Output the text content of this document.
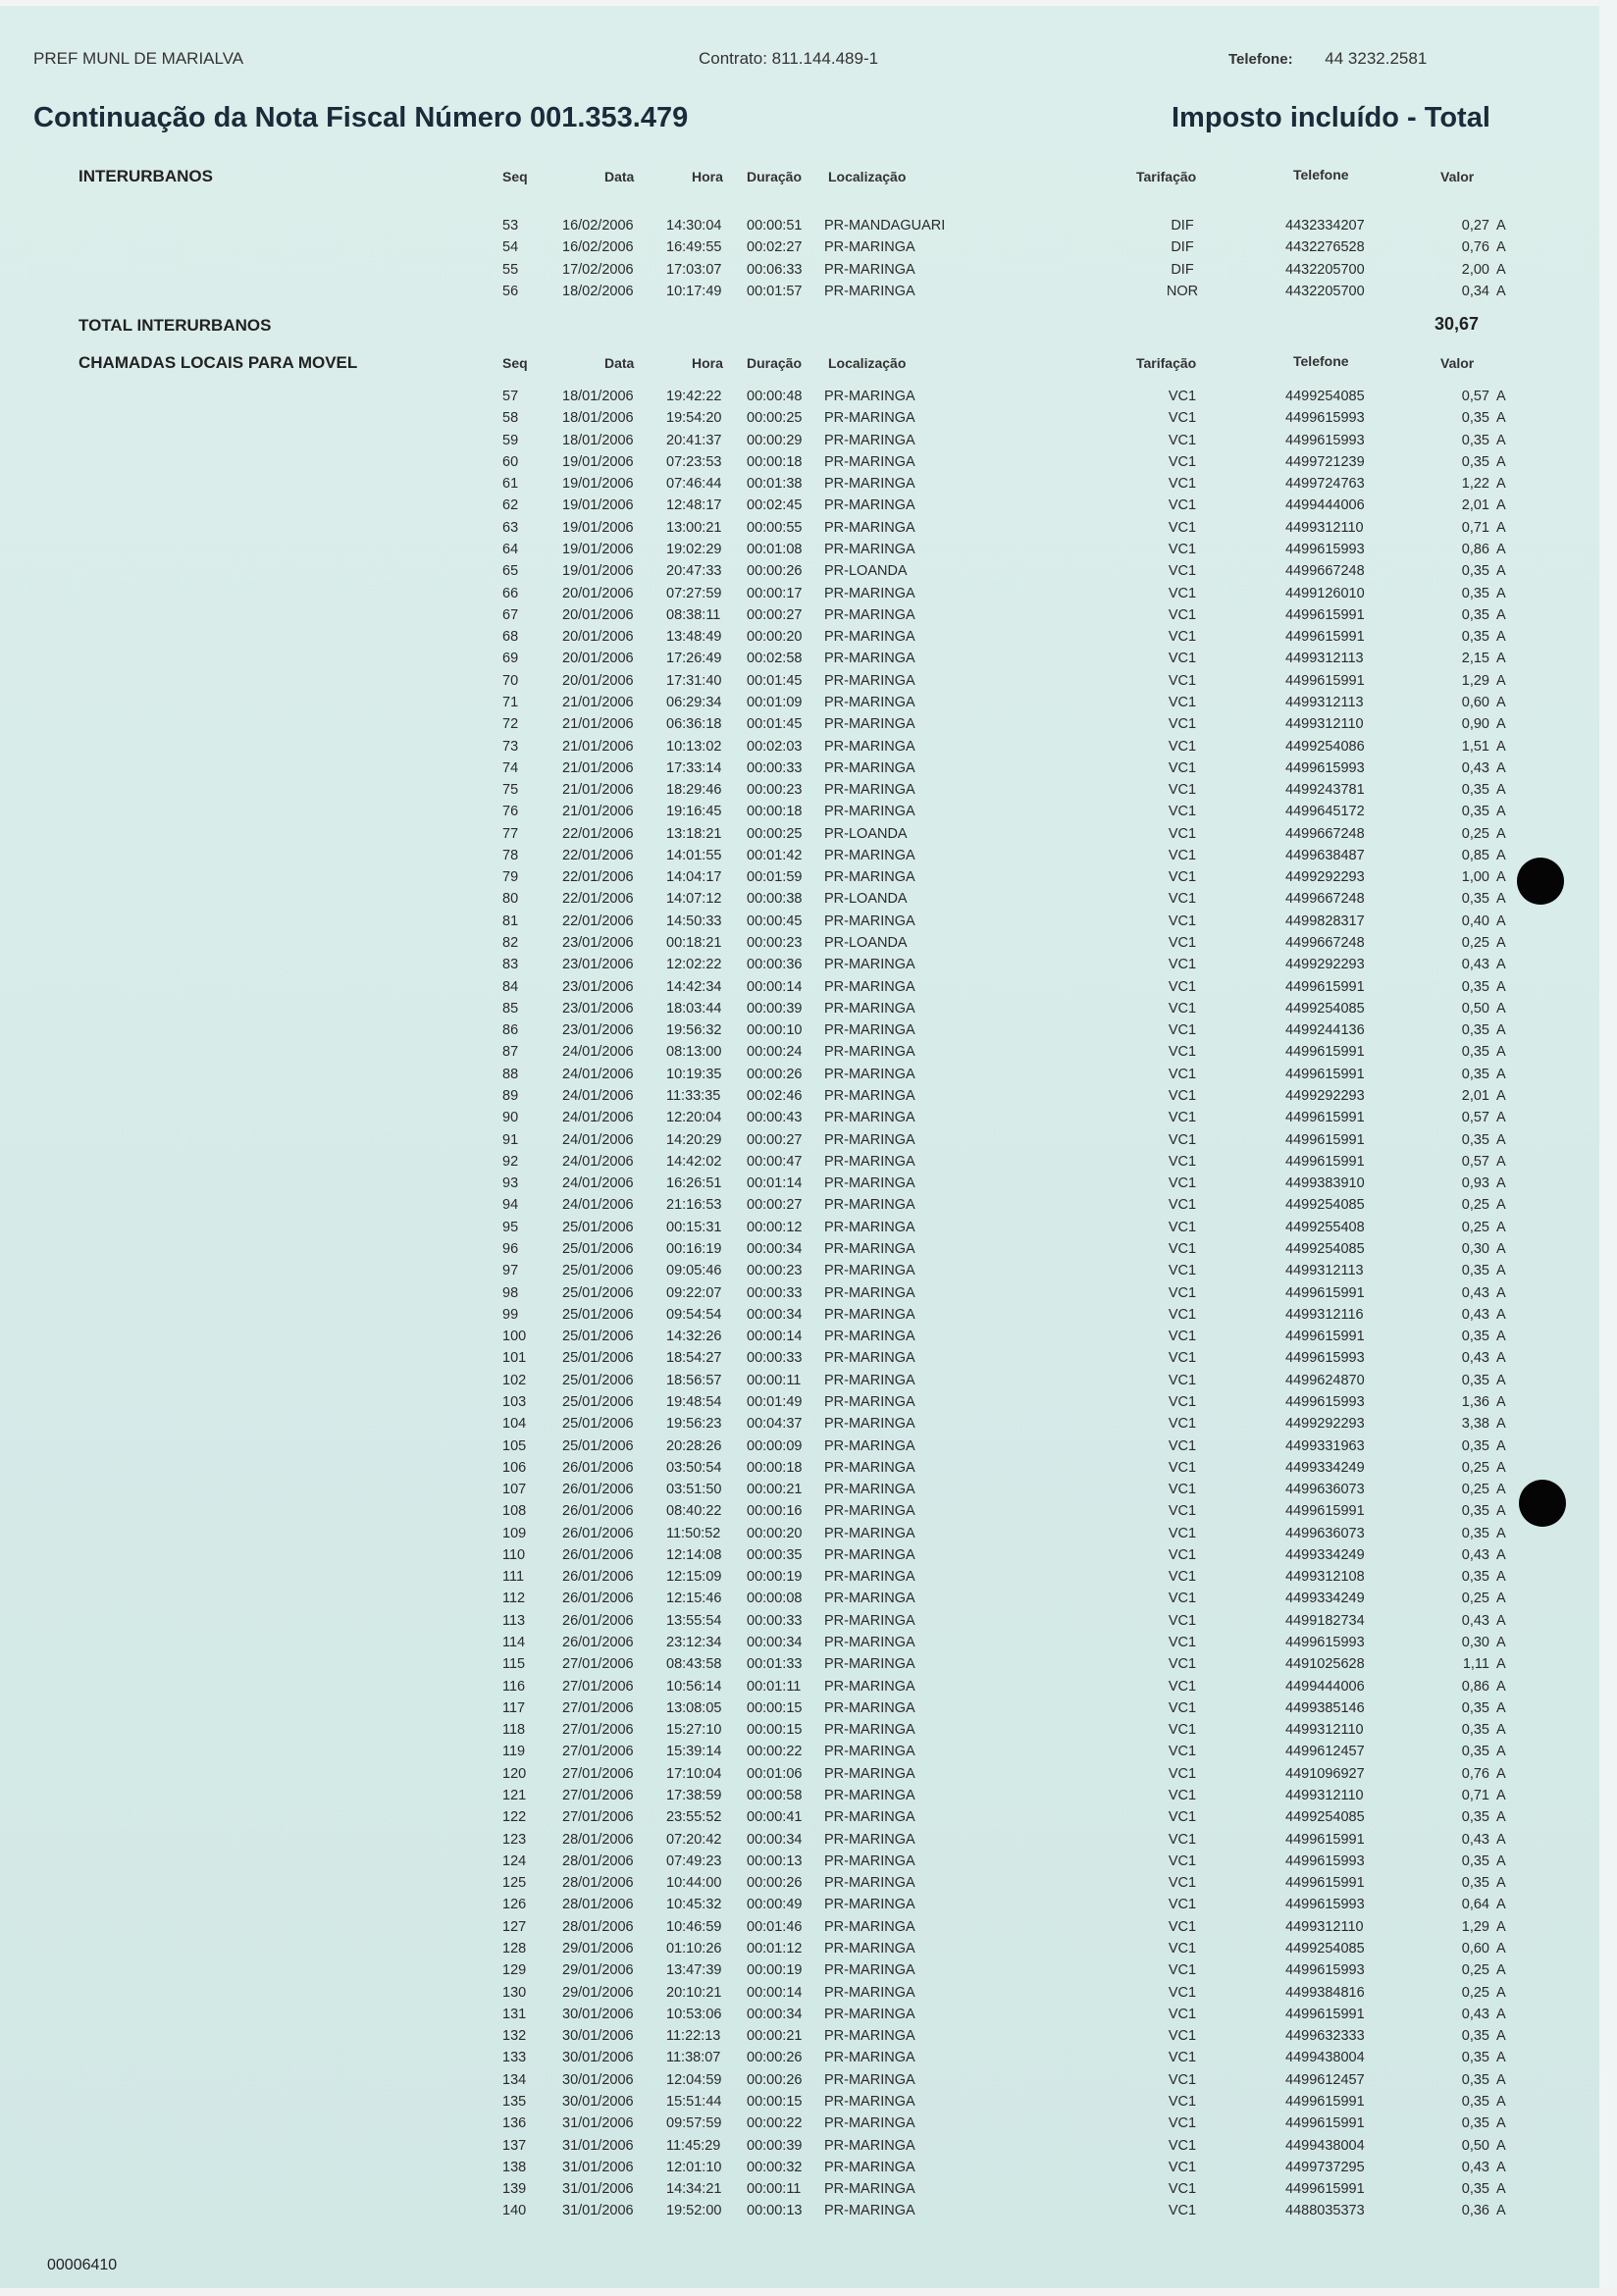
PREF MUNL DE MARIALVA	Contrato: 811.144.489-1	Telefone: 44 3232.2581
Continuação da Nota Fiscal Número 001.353.479	Imposto incluído - Total
INTERURBANOS	Seq	Data	Hora Duração Localização	Tarifação	Telefone	Valor
53	16/02/2006 14:30:04 00:00:51 PR-MANDAGUARI	DIF	4432334207	0,27 A
54	16/02/2006 16:49:55 00:02:27 PR-MARINGA	DIF	4432276528	0,76 A
55	17/02/2006 17:03:07 00:06:33 PR-MARINGA	DIF	4432205700	2,00 A
56	18/02/2006 10:17:49 00:01:57 PR-MARINGA	NOR	4432205700	0,34 A
TOTAL INTERURBANOS	30,67
CHAMADAS LOCAIS PARA MOVEL	Seq	Data	Hora Duração Localização	Tarifação	Telefone	Valor
57	18/01/2006 19:42:22 00:00:48 PR-MARINGA	VC1	4499254085	0,57 A
58	18/01/2006 19:54:20 00:00:25 PR-MARINGA	VC1	4499615993	0,35 A
59	18/01/2006 20:41:37 00:00:29 PR-MARINGA	VC1	4499615993	0,35 A
60	19/01/2006 07:23:53 00:00:18 PR-MARINGA	VC1	4499721239	0,35 A
61	19/01/2006 07:46:44 00:01:38 PR-MARINGA	VC1	4499724763	1,22 A
62	19/01/2006 12:48:17 00:02:45 PR-MARINGA	VC1	4499444006	2,01 A
63	19/01/2006 13:00:21 00:00:55 PR-MARINGA	VC1	4499312110	0,71 A
64	19/01/2006 19:02:29 00:01:08 PR-MARINGA	VC1	4499615993	0,86 A
65	19/01/2006 20:47:33 00:00:26 PR-LOANDA	VC1	4499667248	0,35 A
66	20/01/2006 07:27:59 00:00:17 PR-MARINGA	VC1	4499126010	0,35 A
67	20/01/2006 08:38:11 00:00:27 PR-MARINGA	VC1	4499615991	0,35 A
68	20/01/2006 13:48:49 00:00:20 PR-MARINGA	VC1	4499615991	0,35 A
69	20/01/2006 17:26:49 00:02:58 PR-MARINGA	VC1	4499312113	2,15 A
70	20/01/2006 17:31:40 00:01:45 PR-MARINGA	VC1	4499615991	1,29 A
71	21/01/2006 06:29:34 00:01:09 PR-MARINGA	VC1	4499312113	0,60 A
72	21/01/2006 06:36:18 00:01:45 PR-MARINGA	VC1	4499312110	0,90 A
73	21/01/2006 10:13:02 00:02:03 PR-MARINGA	VC1	4499254086	1,51 A
74	21/01/2006 17:33:14 00:00:33 PR-MARINGA	VC1	4499615993	0,43 A
75	21/01/2006 18:29:46 00:00:23 PR-MARINGA	VC1	4499243781	0,35 A
76	21/01/2006 19:16:45 00:00:18 PR-MARINGA	VC1	4499645172	0,35 A
77	22/01/2006 13:18:21 00:00:25 PR-LOANDA	VC1	4499667248	0,25 A
78	22/01/2006 14:01:55 00:01:42 PR-MARINGA	VC1	4499638487	0,85 A
79	22/01/2006 14:04:17 00:01:59 PR-MARINGA	VC1	4499292293	1,00 A
80	22/01/2006 14:07:12 00:00:38 PR-LOANDA	VC1	4499667248	0,35 A
81	22/01/2006 14:50:33 00:00:45 PR-MARINGA	VC1	4499828317	0,40 A
82	23/01/2006 00:18:21 00:00:23 PR-LOANDA	VC1	4499667248	0,25 A
83	23/01/2006 12:02:22 00:00:36 PR-MARINGA	VC1	4499292293	0,43 A
84	23/01/2006 14:42:34 00:00:14 PR-MARINGA	VC1	4499615991	0,35 A
85	23/01/2006 18:03:44 00:00:39 PR-MARINGA	VC1	4499254085	0,50 A
86	23/01/2006 19:56:32 00:00:10 PR-MARINGA	VC1	4499244136	0,35 A
87	24/01/2006 08:13:00 00:00:24 PR-MARINGA	VC1	4499615991	0,35 A
88	24/01/2006 10:19:35 00:00:26 PR-MARINGA	VC1	4499615991	0,35 A
89	24/01/2006 11:33:35 00:02:46 PR-MARINGA	VC1	4499292293	2,01 A
90	24/01/2006 12:20:04 00:00:43 PR-MARINGA	VC1	4499615991	0,57 A
91	24/01/2006 14:20:29 00:00:27 PR-MARINGA	VC1	4499615991	0,35 A
92	24/01/2006 14:42:02 00:00:47 PR-MARINGA	VC1	4499615991	0,57 A
93	24/01/2006 16:26:51 00:01:14 PR-MARINGA	VC1	4499383910	0,93 A
94	24/01/2006 21:16:53 00:00:27 PR-MARINGA	VC1	4499254085	0,25 A
95	25/01/2006 00:15:31 00:00:12 PR-MARINGA	VC1	4499255408	0,25 A
96	25/01/2006 00:16:19 00:00:34 PR-MARINGA	VC1	4499254085	0,30 A
97	25/01/2006 09:05:46 00:00:23 PR-MARINGA	VC1	4499312113	0,35 A
98	25/01/2006 09:22:07 00:00:33 PR-MARINGA	VC1	4499615991	0,43 A
99	25/01/2006 09:54:54 00:00:34 PR-MARINGA	VC1	4499312116	0,43 A
100	25/01/2006 14:32:26 00:00:14 PR-MARINGA	VC1	4499615991	0,35 A
101	25/01/2006 18:54:27 00:00:33 PR-MARINGA	VC1	4499615993	0,43 A
102	25/01/2006 18:56:57 00:00:11 PR-MARINGA	VC1	4499624870	0,35 A
103	25/01/2006 19:48:54 00:01:49 PR-MARINGA	VC1	4499615993	1,36 A
104	25/01/2006 19:56:23 00:04:37 PR-MARINGA	VC1	4499292293	3,38 A
105	25/01/2006 20:28:26 00:00:09 PR-MARINGA	VC1	4499331963	0,35 A
106	26/01/2006 03:50:54 00:00:18 PR-MARINGA	VC1	4499334249	0,25 A
107	26/01/2006 03:51:50 00:00:21 PR-MARINGA	VC1	4499636073	0,25 A
108	26/01/2006 08:40:22 00:00:16 PR-MARINGA	VC1	4499615991	0,35 A
109	26/01/2006 11:50:52 00:00:20 PR-MARINGA	VC1	4499636073	0,35 A
110	26/01/2006 12:14:08 00:00:35 PR-MARINGA	VC1	4499334249	0,43 A
111	26/01/2006 12:15:09 00:00:19 PR-MARINGA	VC1	4499312108	0,35 A
112	26/01/2006 12:15:46 00:00:08 PR-MARINGA	VC1	4499334249	0,25 A
113	26/01/2006 13:55:54 00:00:33 PR-MARINGA	VC1	4499182734	0,43 A
114	26/01/2006 23:12:34 00:00:34 PR-MARINGA	VC1	4499615993	0,30 A
115	27/01/2006 08:43:58 00:01:33 PR-MARINGA	VC1	4491025628	1,11 A
116	27/01/2006 10:56:14 00:01:11 PR-MARINGA	VC1	4499444006	0,86 A
117	27/01/2006 13:08:05 00:00:15 PR-MARINGA	VC1	4499385146	0,35 A
118	27/01/2006 15:27:10 00:00:15 PR-MARINGA	VC1	4499312110	0,35 A
119	27/01/2006 15:39:14 00:00:22 PR-MARINGA	VC1	4499612457	0,35 A
120	27/01/2006 17:10:04 00:01:06 PR-MARINGA	VC1	4491096927	0,76 A
121	27/01/2006 17:38:59 00:00:58 PR-MARINGA	VC1	4499312110	0,71 A
122	27/01/2006 23:55:52 00:00:41 PR-MARINGA	VC1	4499254085	0,35 A
123	28/01/2006 07:20:42 00:00:34 PR-MARINGA	VC1	4499615991	0,43 A
124	28/01/2006 07:49:23 00:00:13 PR-MARINGA	VC1	4499615993	0,35 A
125	28/01/2006 10:44:00 00:00:26 PR-MARINGA	VC1	4499615991	0,35 A
126	28/01/2006 10:45:32 00:00:49 PR-MARINGA	VC1	4499615993	0,64 A
127	28/01/2006 10:46:59 00:01:46 PR-MARINGA	VC1	4499312110	1,29 A
128	29/01/2006 01:10:26 00:01:12 PR-MARINGA	VC1	4499254085	0,60 A
129	29/01/2006 13:47:39 00:00:19 PR-MARINGA	VC1	4499615993	0,25 A
130	29/01/2006 20:10:21 00:00:14 PR-MARINGA	VC1	4499384816	0,25 A
131	30/01/2006 10:53:06 00:00:34 PR-MARINGA	VC1	4499615991	0,43 A
132	30/01/2006 11:22:13 00:00:21 PR-MARINGA	VC1	4499632333	0,35 A
133	30/01/2006 11:38:07 00:00:26 PR-MARINGA	VC1	4499438004	0,35 A
134	30/01/2006 12:04:59 00:00:26 PR-MARINGA	VC1	4499612457	0,35 A
135	30/01/2006 15:51:44 00:00:15 PR-MARINGA	VC1	4499615991	0,35 A
136	31/01/2006 09:57:59 00:00:22 PR-MARINGA	VC1	4499615991	0,35 A
137	31/01/2006 11:45:29 00:00:39 PR-MARINGA	VC1	4499438004	0,50 A
138	31/01/2006 12:01:10 00:00:32 PR-MARINGA	VC1	4499737295	0,43 A
139	31/01/2006 14:34:21 00:00:11 PR-MARINGA	VC1	4499615991	0,35 A
140	31/01/2006 19:52:00 00:00:13 PR-MARINGA	VC1	4488035373	0,36 A
00006410
